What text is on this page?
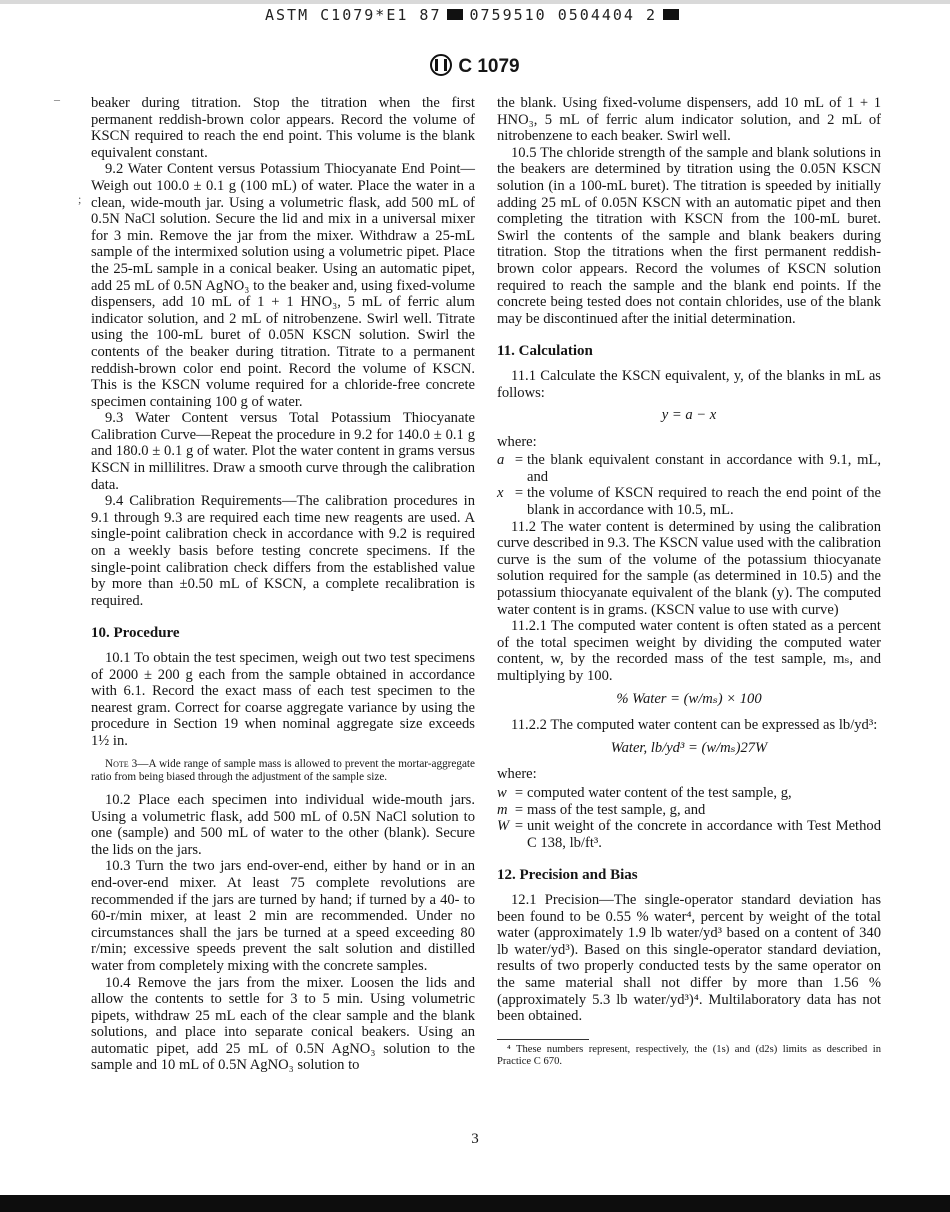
ASTM C1079*E1 87 0759510 0504404 2
C 1079
–
;

beaker during titration. Stop the titration when the first permanent reddish-brown color appears. Record the volume of KSCN required to reach the end point. This volume is the blank equivalent constant.

9.2 Water Content versus Potassium Thiocyanate End Point—Weigh out 100.0 ± 0.1 g (100 mL) of water. Place the water in a clean, wide-mouth jar. Using a volumetric flask, add 500 mL of 0.5N NaCl solution. Secure the lid and mix in a universal mixer for 3 min. Remove the jar from the mixer. Withdraw a 25-mL sample of the intermixed solution using a volumetric pipet. Place the 25-mL sample in a conical beaker. Using an automatic pipet, add 25 mL of 0.5N AgNO₃ to the beaker and, using fixed-volume dispensers, add 10 mL of 1 + 1 HNO₃, 5 mL of ferric alum indicator solution, and 2 mL of nitrobenzene. Swirl well. Titrate using the 100-mL buret of 0.05N KSCN solution. Swirl the contents of the beaker during titration. Titrate to a permanent reddish-brown color end point. Record the volume of KSCN. This is the KSCN volume required for a chloride-free concrete specimen containing 100 g of water.

9.3 Water Content versus Total Potassium Thiocyanate Calibration Curve—Repeat the procedure in 9.2 for 140.0 ± 0.1 g and 180.0 ± 0.1 g of water. Plot the water content in grams versus KSCN in millilitres. Draw a smooth curve through the calibration data.

9.4 Calibration Requirements—The calibration procedures in 9.1 through 9.3 are required each time new reagents are used. A single-point calibration check in accordance with 9.2 is required on a weekly basis before testing concrete specimens. If the single-point calibration check differs from the established value by more than ±0.50 mL of KSCN, a complete recalibration is required.

10. Procedure

10.1 To obtain the test specimen, weigh out two test specimens of 2000 ± 200 g each from the sample obtained in accordance with 6.1. Record the exact mass of each test specimen to the nearest gram. Correct for coarse aggregate variance by using the procedure in Section 19 when nominal aggregate size exceeds 1½ in.

Note 3—A wide range of sample mass is allowed to prevent the mortar-aggregate ratio from being biased through the adjustment of the sample size.

10.2 Place each specimen into individual wide-mouth jars. Using a volumetric flask, add 500 mL of 0.5N NaCl solution to one (sample) and 500 mL of water to the other (blank). Secure the lids on the jars.

10.3 Turn the two jars end-over-end, either by hand or in an end-over-end mixer. At least 75 complete revolutions are recommended if the jars are turned by hand; if turned by a 40- to 60-r/min mixer, at least 2 min are recommended. Under no circumstances shall the jars be turned at a speed exceeding 80 r/min; excessive speeds prevent the salt solution and distilled water from completely mixing with the concrete samples.

10.4 Remove the jars from the mixer. Loosen the lids and allow the contents to settle for 3 to 5 min. Using volumetric pipets, withdraw 25 mL each of the clear sample and the blank solutions, and place into separate conical beakers. Using an automatic pipet, add 25 mL of 0.5N AgNO₃ solution to the sample and 10 mL of 0.5N AgNO₃ solution to

the blank. Using fixed-volume dispensers, add 10 mL of 1 + 1 HNO₃, 5 mL of ferric alum indicator solution, and 2 mL of nitrobenzene to each beaker. Swirl well.

10.5 The chloride strength of the sample and blank solutions in the beakers are determined by titration using the 0.05N KSCN solution (in a 100-mL buret). The titration is speeded by initially adding 25 mL of 0.05N KSCN with an automatic pipet and then completing the titration with KSCN from the 100-mL buret. Swirl the contents of the sample and blank beakers during titration. Stop the titrations when the first permanent reddish-brown color appears. Record the volumes of KSCN solution required to reach the sample and the blank end points. If the concrete being tested does not contain chlorides, use of the blank may be discontinued after the initial determination.

11. Calculation

11.1 Calculate the KSCN equivalent, y, of the blanks in mL as follows:

y = a − x

where:

a = the blank equivalent constant in accordance with 9.1, mL, and

x = the volume of KSCN required to reach the end point of the blank in accordance with 10.5, mL.

11.2 The water content is determined by using the calibration curve described in 9.3. The KSCN value used with the calibration curve is the sum of the volume of the potassium thiocyanate solution required for the sample (as determined in 10.5) and the potassium thiocyanate equivalent of the blank (y). The computed water content is in grams. (KSCN value to use with curve)

11.2.1 The computed water content is often stated as a percent of the total specimen weight by dividing the computed water content, w, by the recorded mass of the test sample, mₛ, and multiplying by 100.

% Water = (w/mₛ) × 100

11.2.2 The computed water content can be expressed as lb/yd³:

Water, lb/yd³ = (w/mₛ)27W

where:

w = computed water content of the test sample, g,

m = mass of the test sample, g, and

W = unit weight of the concrete in accordance with Test Method C 138, lb/ft³.

12. Precision and Bias

12.1 Precision—The single-operator standard deviation has been found to be 0.55 % water⁴, percent by weight of the total water (approximately 1.9 lb water/yd³ based on a content of 340 lb water/yd³). Based on this single-operator standard deviation, results of two properly conducted tests by the same operator on the same material shall not differ by more than 1.56 % (approximately 5.3 lb water/yd³)⁴. Multilaboratory data has not been obtained.

⁴ These numbers represent, respectively, the (1s) and (d2s) limits as described in Practice C 670.

3
